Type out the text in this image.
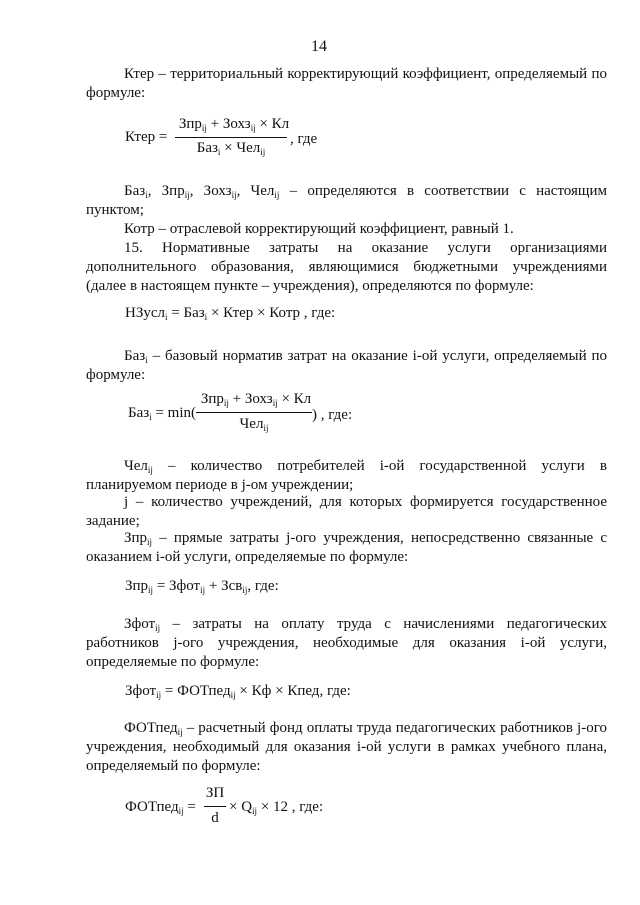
14
Ктер – территориальный корректирующий коэффициент, определяемый по формуле:
Ктер =
Зпр$_{ij}$ + Зохз$_{ij}$ × Кл
Баз$_i$ × Чел$_{ij}$
, где
Баз$_i$, Зпр$_{ij}$, Зохз$_{ij}$, Чел$_{ij}$ – определяются в соответствии с настоящим пунктом;
Котр – отраслевой корректирующий коэффициент, равный 1.
15. Нормативные затраты на оказание услуги организациями дополнительного образования, являющимися бюджетными учреждениями (далее в настоящем пункте – учреждения), определяются по формуле:
НЗусл$_i$ = Баз$_i$ × Ктер × Котр , где:
Баз$_i$ – базовый норматив затрат на оказание i-ой услуги, определяемый по формуле:
Баз$_i$ = min(
Зпр$_{ij}$ + Зохз$_{ij}$ × Кл
Чел$_{ij}$
) , где:
Чел$_{ij}$ – количество потребителей i-ой государственной услуги в планируемом периоде в j-ом учреждении;
j – количество учреждений, для которых формируется государственное задание;
Зпр$_{ij}$ – прямые затраты j-ого учреждения, непосредственно связанные с оказанием i-ой услуги, определяемые по формуле:
Зпр$_{ij}$ = Зфот$_{ij}$ + Зсв$_{ij}$, где:
Зфот$_{ij}$ – затраты на оплату труда с начислениями педагогических работников j-ого учреждения, необходимые для оказания i-ой услуги, определяемые по формуле:
Зфот$_{ij}$ = ФОТпед$_{ij}$ × Кф × Кпед, где:
ФОТпед$_{ij}$ – расчетный фонд оплаты труда педагогических работников j-ого учреждения, необходимый для оказания i-ой услуги в рамках учебного плана, определяемый по формуле:
ФОТпед$_{ij}$ =
ЗП
d
× $Q_{ij} \times 12$ , где:
